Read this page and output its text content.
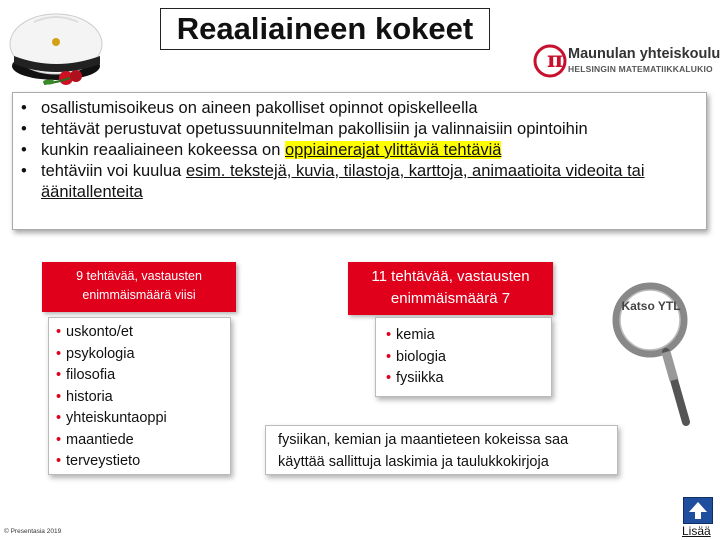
Reaaliaineen kokeet
π Maunulan yhteiskoulu
HELSINGIN MATEMATIIKKALUKIO
• osallistumisoikeus on aineen pakolliset opinnot opiskelleella
• tehtävät perustuvat opetussuunnitelman pakollisiin ja valinnaisiin opintoihin
• kunkin reaaliaineen kokeessa on oppiainerajat ylittäviä tehtäviä
• tehtäviin voi kuulua esim. tekstejä, kuvia, tilastoja, karttoja, animaatioita videoita tai äänitallenteita
9 tehtävää, vastausten enimmäismäärä viisi
• uskonto/et
• psykologia
• filosofia
• historia
• yhteiskuntaoppi
• maantiede
• terveystieto
11 tehtävää, vastausten enimmäismäärä 7
• kemia
• biologia
• fysiikka
fysiikan, kemian ja maantieteen kokeissa saa käyttää sallittuja laskimia ja taulukkokirjoja
Katso YTL
© Presentasia 2019	Lisää
